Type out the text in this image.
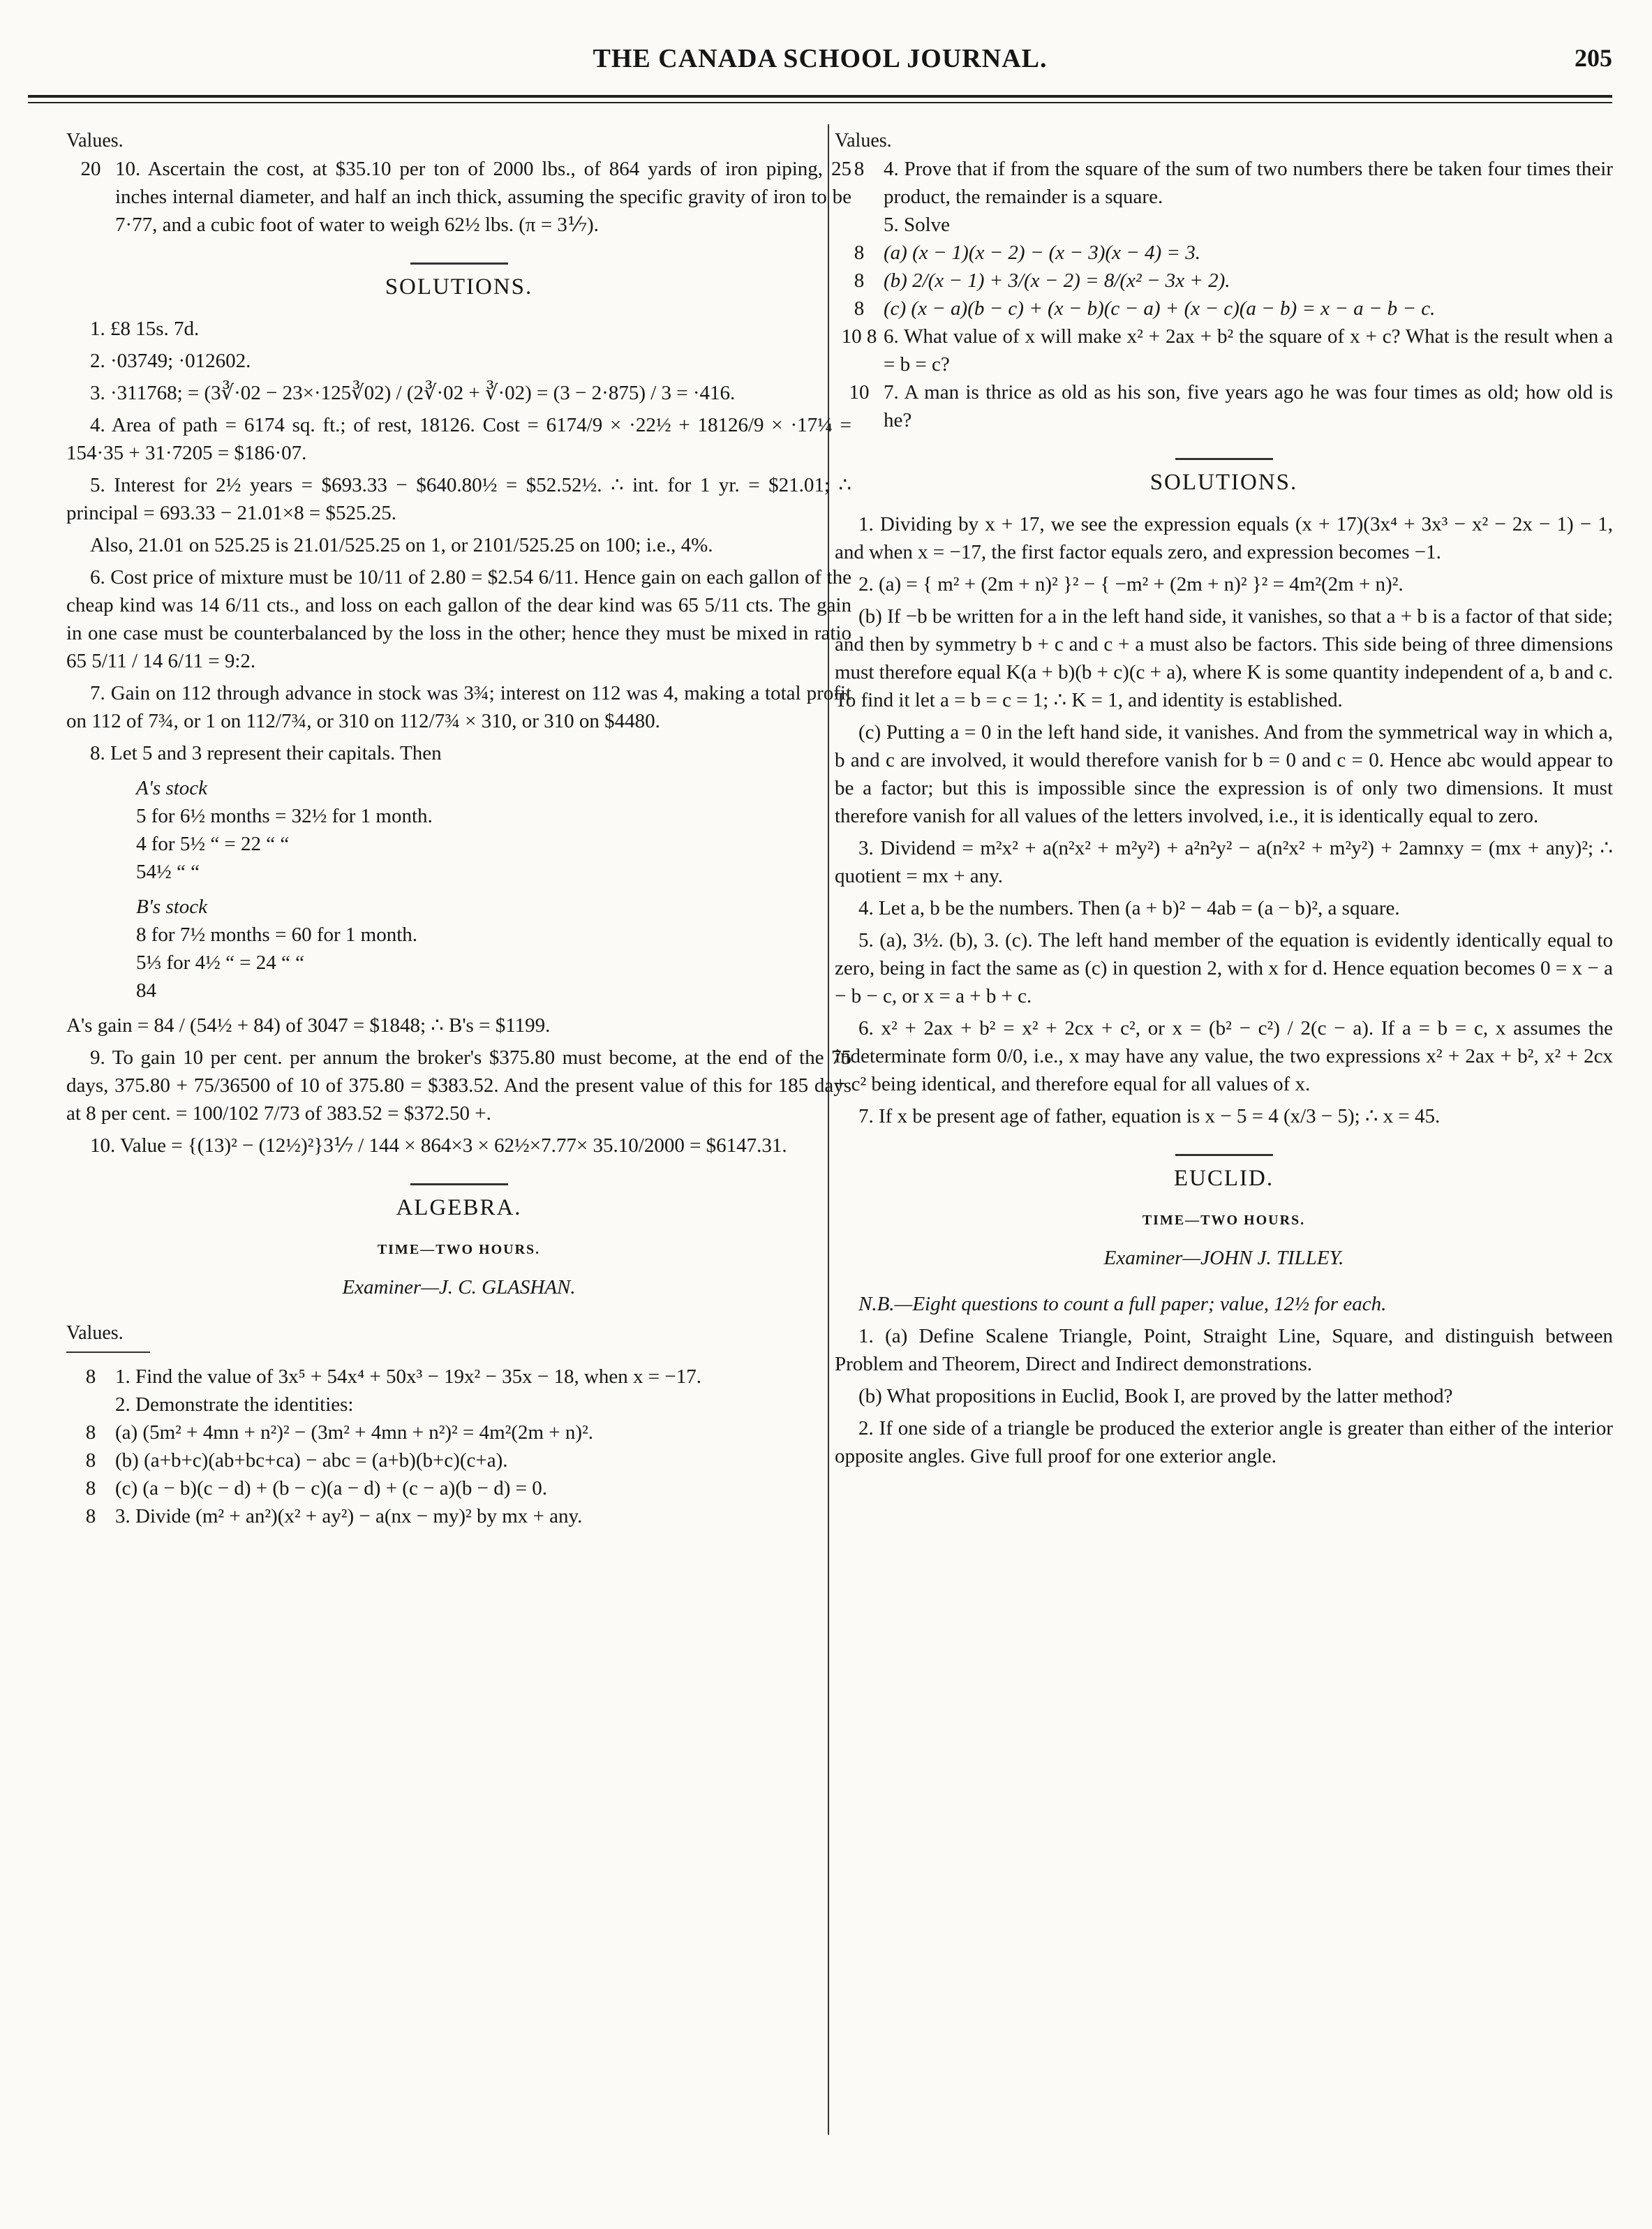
THE CANADA SCHOOL JOURNAL.	205
Values.
20 10. Ascertain the cost, at $35.10 per ton of 2000 lbs., of 864 yards of iron piping, 25 inches internal diameter, and half an inch thick, assuming the specific gravity of iron to be 7·77, and a cubic foot of water to weigh 62½ lbs. (π = 3⅐).
SOLUTIONS.

1. £8 15s. 7d.

2. ·03749; ·012602.

3. ·311768; = (3∛·02 − 23×·125∛02) / (2∛·02 + ∛·02) = (3 − 2·875) / 3 = ·416.

4. Area of path = 6174 sq. ft.; of rest, 18126. Cost = 6174/9 × ·22½ + 18126/9 × ·17¼ = 154·35 + 31·7205 = $186·07.

5. Interest for 2½ years = $693.33 − $640.80½ = $52.52½. ∴ int. for 1 yr. = $21.01; ∴ principal = 693.33 − 21.01×8 = $525.25.

Also, 21.01 on 525.25 is 21.01/525.25 on 1, or 2101/525.25 on 100; i.e., 4%.

6. Cost price of mixture must be 10/11 of 2.80 = $2.54 6/11. Hence gain on each gallon of the cheap kind was 14 6/11 cts., and loss on each gallon of the dear kind was 65 5/11 cts. The gain in one case must be counterbalanced by the loss in the other; hence they must be mixed in ratio 65 5/11 / 14 6/11 = 9:2.

7. Gain on 112 through advance in stock was 3¾; interest on 112 was 4, making a total profit on 112 of 7¾, or 1 on 112/7¾, or 310 on 112/7¾ × 310, or 310 on $4480.

8. Let 5 and 3 represent their capitals. Then

A's stock
5 for 6½ months = 32½ for 1 month.
4 for 5½ “ = 22 “ “
54½ “ “
B's stock
8 for 7½ months = 60 for 1 month.
5⅓ for 4½ “ = 24 “ “
84

A's gain = 84 / (54½ + 84) of 3047 = $1848; ∴ B's = $1199.

9. To gain 10 per cent. per annum the broker's $375.80 must become, at the end of the 75 days, 375.80 + 75/36500 of 10 of 375.80 = $383.52. And the present value of this for 185 days at 8 per cent. = 100/102 7/73 of 383.52 = $372.50 +.

10. Value = {(13)² − (12½)²}3⅐ / 144 × 864×3 × 62½×7.77× 35.10/2000 = $6147.31.

ALGEBRA.
TIME—TWO HOURS.
Examiner—J. C. GLASHAN.
Values.
8 1. Find the value of 3x⁵ + 54x⁴ + 50x³ − 19x² − 35x − 18, when x = −17.
2. Demonstrate the identities:
8 (a) (5m² + 4mn + n²)² − (3m² + 4mn + n²)² = 4m²(2m + n)².
8 (b) (a+b+c)(ab+bc+ca) − abc = (a+b)(b+c)(c+a).
8 (c) (a − b)(c − d) + (b − c)(a − d) + (c − a)(b − d) = 0.
8 3. Divide (m² + an²)(x² + ay²) − a(nx − my)² by mx + any.
Values.
8 4. Prove that if from the square of the sum of two numbers there be taken four times their product, the remainder is a square.
5. Solve
8 (a) (x − 1)(x − 2) − (x − 3)(x − 4) = 3.
8 (b) 2/(x − 1) + 3/(x − 2) = 8/(x² − 3x + 2).
8 (c) (x − a)(b − c) + (x − b)(c − a) + (x − c)(a − b) = x − a − b − c.
10 8 6. What value of x will make x² + 2ax + b² the square of x + c? What is the result when a = b = c?
10 7. A man is thrice as old as his son, five years ago he was four times as old; how old is he?
SOLUTIONS.

1. Dividing by x + 17, we see the expression equals (x + 17)(3x⁴ + 3x³ − x² − 2x − 1) − 1, and when x = −17, the first factor equals zero, and expression becomes −1.

2. (a) = { m² + (2m + n)² }² − { −m² + (2m + n)² }² = 4m²(2m + n)².

(b) If −b be written for a in the left hand side, it vanishes, so that a + b is a factor of that side; and then by symmetry b + c and c + a must also be factors. This side being of three dimensions must therefore equal K(a + b)(b + c)(c + a), where K is some quantity independent of a, b and c. To find it let a = b = c = 1; ∴ K = 1, and identity is established.

(c) Putting a = 0 in the left hand side, it vanishes. And from the symmetrical way in which a, b and c are involved, it would therefore vanish for b = 0 and c = 0. Hence abc would appear to be a factor; but this is impossible since the expression is of only two dimensions. It must therefore vanish for all values of the letters involved, i.e., it is identically equal to zero.

3. Dividend = m²x² + a(n²x² + m²y²) + a²n²y² − a(n²x² + m²y²) + 2amnxy = (mx + any)²; ∴ quotient = mx + any.

4. Let a, b be the numbers. Then (a + b)² − 4ab = (a − b)², a square.

5. (a), 3½. (b), 3. (c). The left hand member of the equation is evidently identically equal to zero, being in fact the same as (c) in question 2, with x for d. Hence equation becomes 0 = x − a − b − c, or x = a + b + c.

6. x² + 2ax + b² = x² + 2cx + c², or x = (b² − c²) / 2(c − a). If a = b = c, x assumes the indeterminate form 0/0, i.e., x may have any value, the two expressions x² + 2ax + b², x² + 2cx + c² being identical, and therefore equal for all values of x.

7. If x be present age of father, equation is x − 5 = 4 (x/3 − 5); ∴ x = 45.

EUCLID.
TIME—TWO HOURS.
Examiner—JOHN J. TILLEY.

N.B.—Eight questions to count a full paper; value, 12½ for each.

1. (a) Define Scalene Triangle, Point, Straight Line, Square, and distinguish between Problem and Theorem, Direct and Indirect demonstrations.

(b) What propositions in Euclid, Book I, are proved by the latter method?

2. If one side of a triangle be produced the exterior angle is greater than either of the interior opposite angles. Give full proof for one exterior angle.
